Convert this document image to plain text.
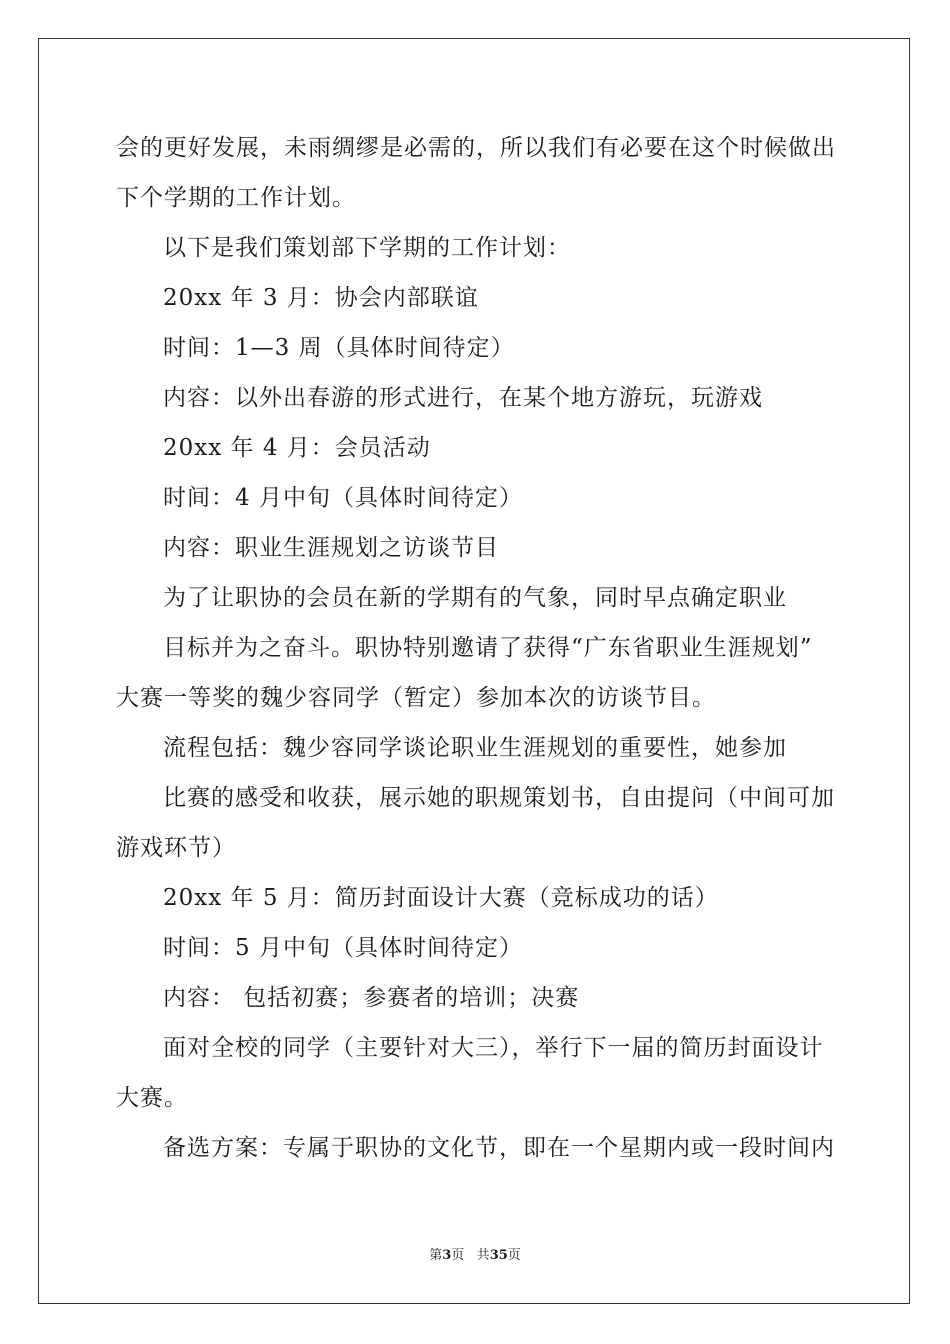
会的更好发展，未雨绸缪是必需的，所以我们有必要在这个时候做出
下个学期的工作计划。
以下是我们策划部下学期的工作计划：
20xx 年 3 月：协会内部联谊
时间：1—3 周（具体时间待定）
内容：以外出春游的形式进行，在某个地方游玩，玩游戏
20xx 年 4 月：会员活动
时间：4 月中旬（具体时间待定）
内容：职业生涯规划之访谈节目
为了让职协的会员在新的学期有的气象，同时早点确定职业
目标并为之奋斗。职协特别邀请了获得“广东省职业生涯规划”
大赛一等奖的魏少容同学（暂定）参加本次的访谈节目。
流程包括：魏少容同学谈论职业生涯规划的重要性，她参加
比赛的感受和收获，展示她的职规策划书，自由提问（中间可加
游戏环节）
20xx 年 5 月：简历封面设计大赛（竞标成功的话）
时间：5 月中旬（具体时间待定）
内容： 包括初赛；参赛者的培训；决赛
面对全校的同学（主要针对大三），举行下一届的简历封面设计
大赛。
备选方案：专属于职协的文化节，即在一个星期内或一段时间内
第3页 共35页
